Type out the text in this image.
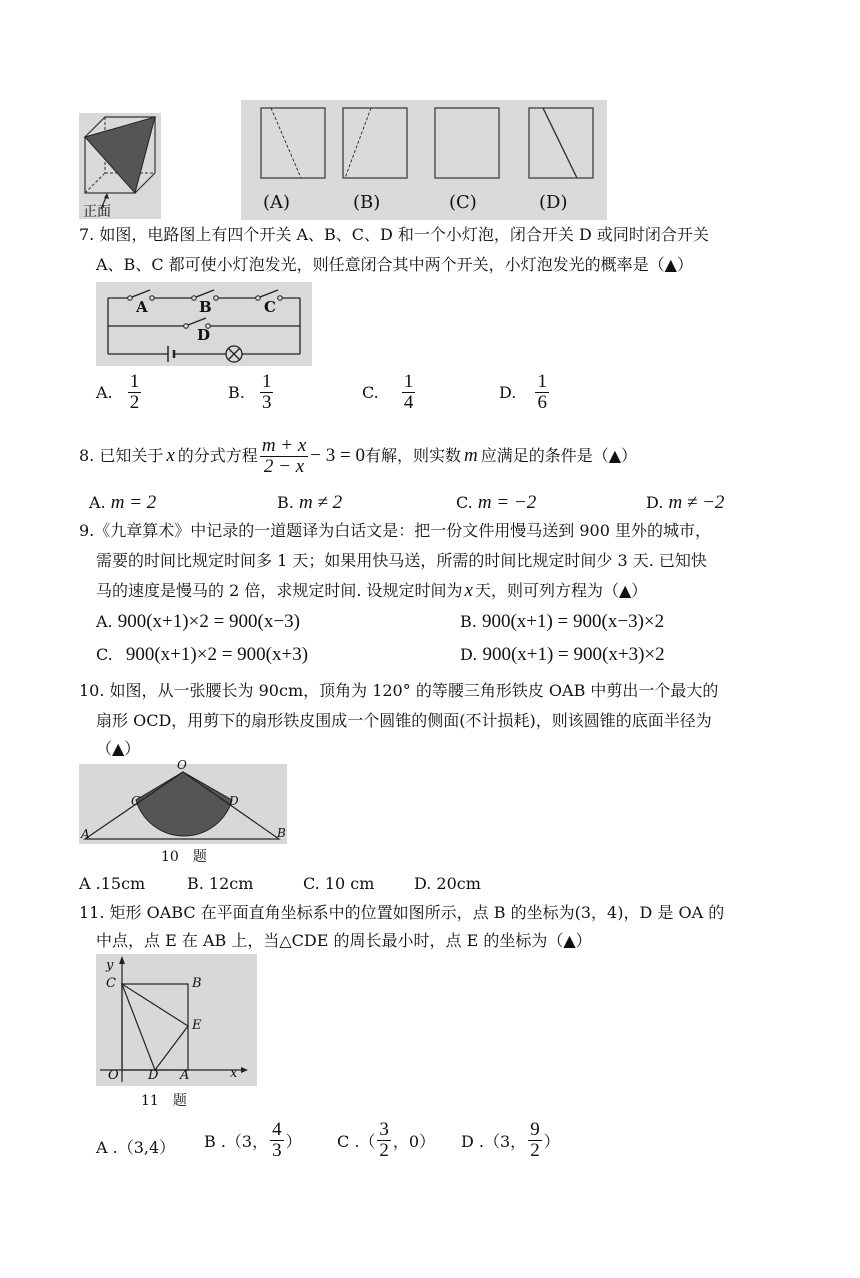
正面	(A)	(B)	(C)	(D)
7. 如图，电路图上有四个开关 A、B、C、D 和一个小灯泡，闭合开关 D 或同时闭合开关
A、B、C 都可使小灯泡发光，则任意闭合其中两个开关，小灯泡发光的概率是（▲）
A	B	C
D
A. $\frac{1}{2}$	B. $\frac{1}{3}$	C. $\frac{1}{4}$	D. $\frac{1}{6}$
8. 已知关于 x 的分式方程 $\frac{m + x}{2 - x} - 3 = 0$有解，则实数 m 应满足的条件是（▲）
A. m = 2	B. m ≠ 2	C. m = −2	D. m ≠ −2
9.《九章算术》中记录的一道题译为白话文是：把一份文件用慢马送到 900 里外的城市，
需要的时间比规定时间多 1 天；如果用快马送，所需的时间比规定时间少 3 天. 已知快
马的速度是慢马的 2 倍，求规定时间. 设规定时间为 x 天，则可列方程为（▲）
A. 900(x+1)×2 = 900(x−3)	B. 900(x+1) = 900(x−3)×2
C. 900(x+1)×2 = 900(x+3)	D. 900(x+1) = 900(x+3)×2
10. 如图，从一张腰长为 90cm，顶角为 120° 的等腰三角形铁皮 OAB 中剪出一个最大的
扇形 OCD，用剪下的扇形铁皮围成一个圆锥的侧面(不计损耗)，则该圆锥的底面半径为
（▲）
O
C	D
A	B
10　题
A .15cm	B. 12cm	C. 10 cm D. 20cm
11. 矩形 OABC 在平面直角坐标系中的位置如图所示，点 B 的坐标为(3，4)，D 是 OA 的
中点，点 E 在 AB 上，当△CDE 的周长最小时，点 E 的坐标为（▲）
y
C	B
E
O D A	x
11　题
A .（3,4） B .（3， $\frac{4}{3}$ ） C .（ $\frac{3}{2}$ ，0） D .（3， $\frac{9}{2}$ ）
